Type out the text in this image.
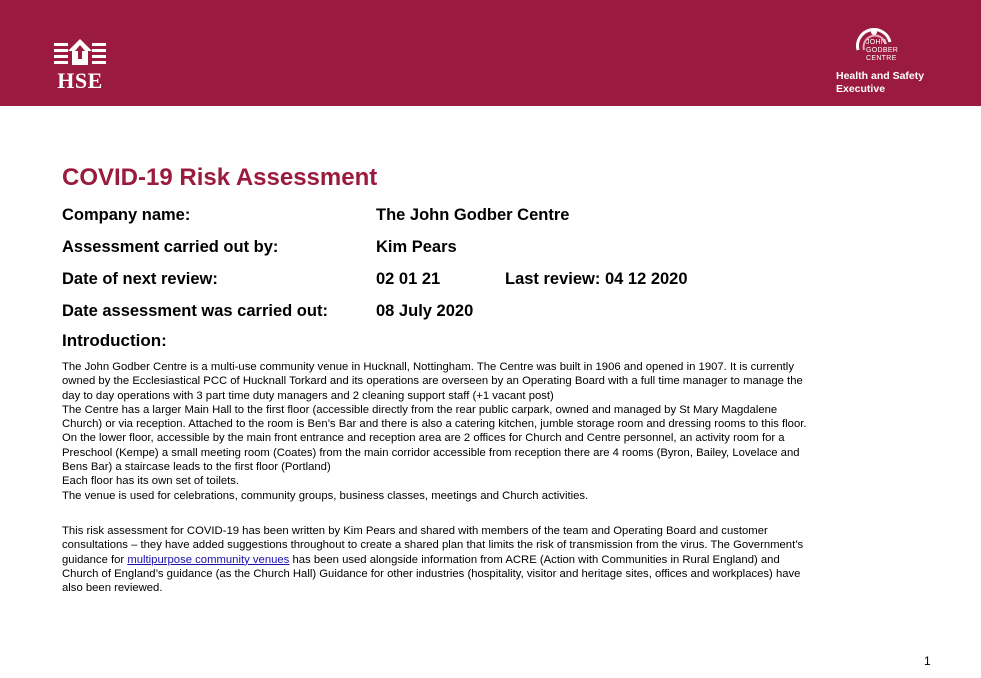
HSE
JOHN
GODBER
CENTRE
Health and Safety
Executive
COVID-19 Risk Assessment
Company name:	The John Godber Centre
Assessment carried out by:	Kim Pears
Date of next review:	02 01 21	Last review: 04 12 2020
Date assessment was carried out:	08 July 2020
Introduction:

The John Godber Centre is a multi-use community venue in Hucknall, Nottingham. The Centre was built in 1906 and opened in 1907. It is currently
owned by the Ecclesiastical PCC of Hucknall Torkard and its operations are overseen by an Operating Board with a full time manager to manage the
day to day operations with 3 part time duty managers and 2 cleaning support staff (+1 vacant post)
The Centre has a larger Main Hall to the first floor (accessible directly from the rear public carpark, owned and managed by St Mary Magdalene
Church) or via reception. Attached to the room is Ben’s Bar and there is also a catering kitchen, jumble storage room and dressing rooms to this floor.
On the lower floor, accessible by the main front entrance and reception area are 2 offices for Church and Centre personnel, an activity room for a
Preschool (Kempe) a small meeting room (Coates) from the main corridor accessible from reception there are 4 rooms (Byron, Bailey, Lovelace and
Bens Bar) a staircase leads to the first floor (Portland)
Each floor has its own set of toilets.
The venue is used for celebrations, community groups, business classes, meetings and Church activities.

This risk assessment for COVID-19 has been written by Kim Pears and shared with members of the team and Operating Board and customer
consultations – they have added suggestions throughout to create a shared plan that limits the risk of transmission from the virus. The Government’s
guidance for multipurpose community venues has been used alongside information from ACRE (Action with Communities in Rural England) and
Church of England’s guidance (as the Church Hall) Guidance for other industries (hospitality, visitor and heritage sites, offices and workplaces) have
also been reviewed.

1
